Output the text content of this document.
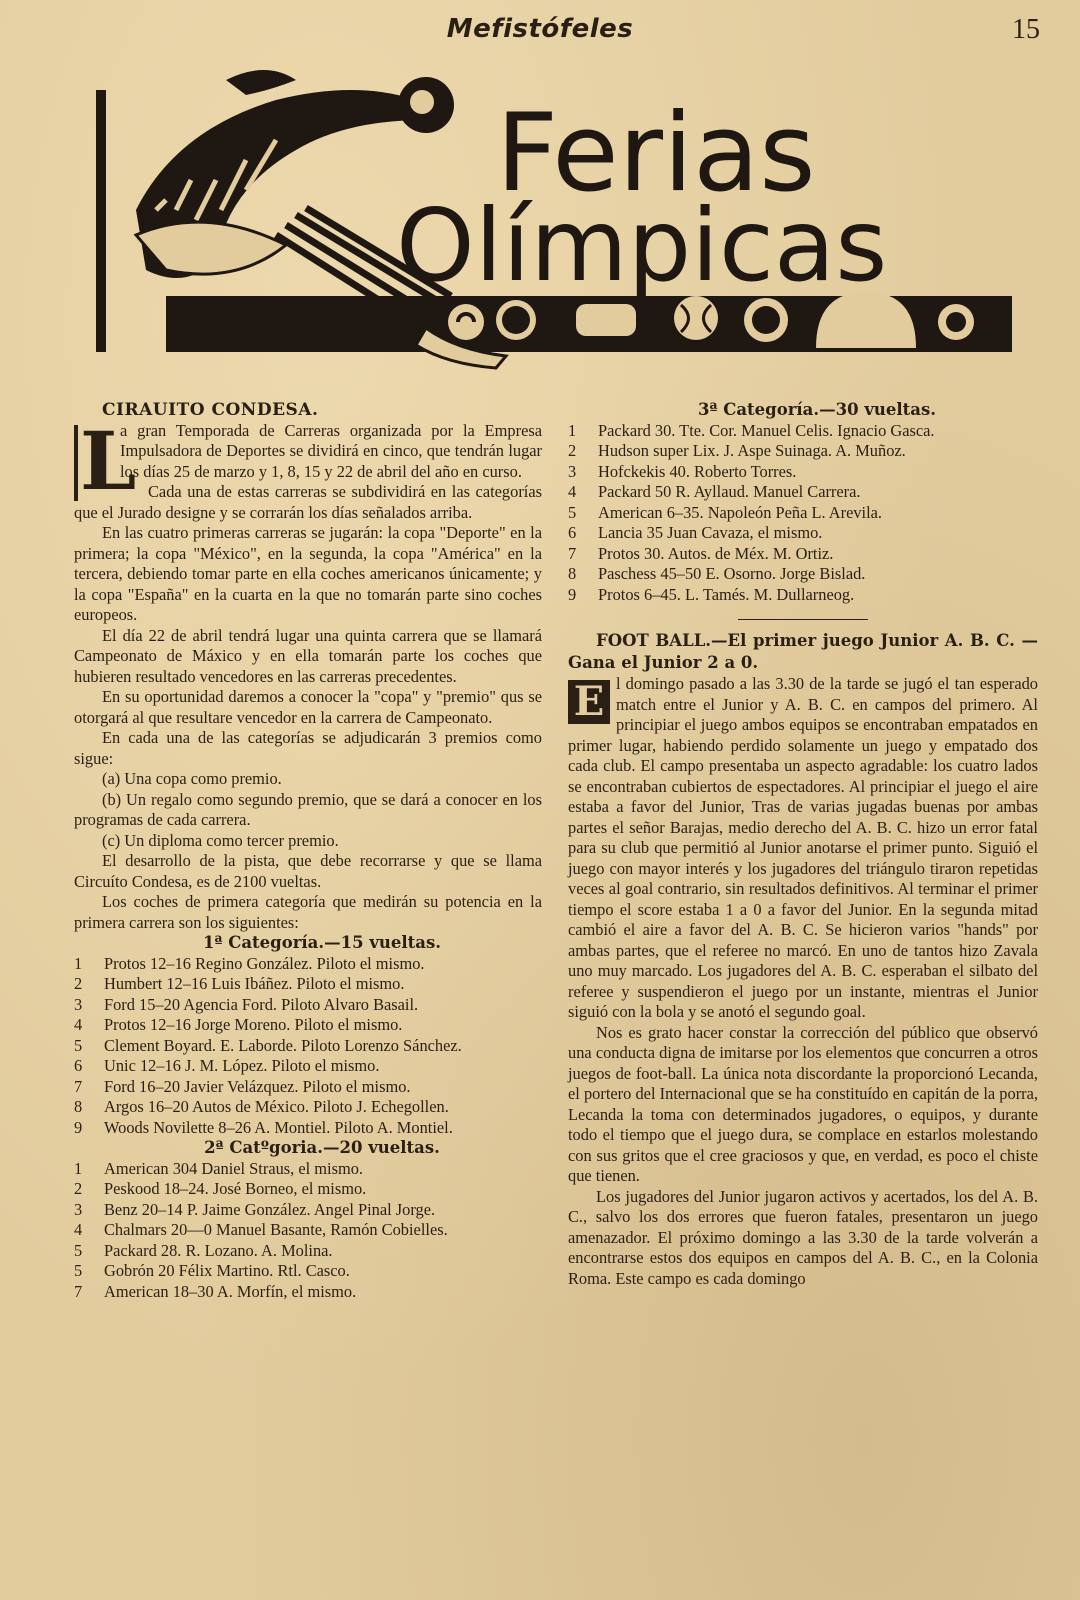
Mefistófeles	15
Ferias
Olímpicas

CIRAUITO CONDESA.

L
a gran Temporada de Carreras organizada por la Empresa Impulsadora de Deportes se dividirá en cinco, que tendrán lugar los días 25 de marzo y 1, 8, 15 y 22 de abril del año en curso.

Cada una de estas carreras se subdividirá en las categorías que el Jurado designe y se corrarán los días señalados arriba.

En las cuatro primeras carreras se jugarán: la copa "Deporte" en la primera; la copa "México", en la segunda, la copa "América" en la tercera, debiendo tomar parte en ella coches americanos únicamente; y la copa "España" en la cuarta en la que no tomarán parte sino coches europeos.

El día 22 de abril tendrá lugar una quinta carrera que se llamará Campeonato de Máxico y en ella tomarán parte los coches que hubieren resultado vencedores en las carreras precedentes.

En su oportunidad daremos a conocer la "copa" y "premio" qus se otorgará al que resultare vencedor en la carrera de Campeonato.

En cada una de las categorías se adjudicarán 3 premios como sigue:

(a) Una copa como premio.

(b) Un regalo como segundo premio, que se dará a conocer en los programas de cada carrera.

(c) Un diploma como tercer premio.

El desarrollo de la pista, que debe recorrarse y que se llama Circuíto Condesa, es de 2100 vueltas.

Los coches de primera categoría que medirán su potencia en la primera carrera son los siguientes:

1ª Categoría.—15 vueltas.

1 Protos 12–16 Regino González. Piloto el mismo.
2 Humbert 12–16 Luis Ibáñez. Piloto el mismo.
3 Ford 15–20 Agencia Ford. Piloto Alvaro Basail.
4 Protos 12–16 Jorge Moreno. Piloto el mismo.
5 Clement Boyard. E. Laborde. Piloto Lorenzo Sánchez.
6 Unic 12–16 J. M. López. Piloto el mismo.
7 Ford 16–20 Javier Velázquez. Piloto el mismo.
8 Argos 16–20 Autos de México. Piloto J. Echegollen.
9 Woods Novilette 8–26 A. Montiel. Piloto A. Montiel.

2ª Catºgoria.—20 vueltas.

1 American 304 Daniel Straus, el mismo.
2 Peskood 18–24. José Borneo, el mismo.
3 Benz 20–14 P. Jaime González. Angel Pinal Jorge.
4 Chalmars 20—0 Manuel Basante, Ramón Cobielles.
5 Packard 28. R. Lozano. A. Molina.
5 Gobrón 20 Félix Martino. Rtl. Casco.
7 American 18–30 A. Morfín, el mismo.

3ª Categoría.—30 vueltas.

1 Packard 30. Tte. Cor. Manuel Celis. Ignacio Gasca.
2 Hudson super Lix. J. Aspe Suinaga. A. Muñoz.
3 Hofckekis 40. Roberto Torres.
4 Packard 50 R. Ayllaud. Manuel Carrera.
5 American 6–35. Napoleón Peña L. Arevila.
6 Lancia 35 Juan Cavaza, el mismo.
7 Protos 30. Autos. de Méx. M. Ortiz.
8 Paschess 45–50 E. Osorno. Jorge Bislad.
9 Protos 6–45. L. Tamés. M. Dullarneog.

FOOT BALL.—El primer juego Junior A. B. C. —Gana el Junior 2 a 0.

E l domingo pasado a las 3.30 de la tarde se jugó el tan esperado match entre el Junior y A. B. C. en campos del primero. Al principiar el juego ambos equipos se encontraban empatados en primer lugar, habiendo perdido solamente un juego y empatado dos cada club. El campo presentaba un aspecto agradable: los cuatro lados se encontraban cubiertos de espectadores. Al principiar el juego el aire estaba a favor del Junior, Tras de varias jugadas buenas por ambas partes el señor Barajas, medio derecho del A. B. C. hizo un error fatal para su club que permitió al Junior anotarse el primer punto. Siguió el juego con mayor interés y los jugadores del triángulo tiraron repetidas veces al goal contrario, sin resultados definitivos. Al terminar el primer tiempo el score estaba 1 a 0 a favor del Junior. En la segunda mitad cambió el aire a favor del A. B. C. Se hicieron varios "hands" por ambas partes, que el referee no marcó. En uno de tantos hizo Zavala uno muy marcado. Los jugadores del A. B. C. esperaban el silbato del referee y suspendieron el juego por un instante, mientras el Junior siguió con la bola y se anotó el segundo goal.

Nos es grato hacer constar la corrección del público que observó una conducta digna de imitarse por los elementos que concurren a otros juegos de foot-ball. La única nota discordante la proporcionó Lecanda, el portero del Internacional que se ha constituído en capitán de la porra, Lecanda la toma con determinados jugadores, o equipos, y durante todo el tiempo que el juego dura, se complace en estarlos molestando con sus gritos que el cree graciosos y que, en verdad, es poco el chiste que tienen.

Los jugadores del Junior jugaron activos y acertados, los del A. B. C., salvo los dos errores que fueron fatales, presentaron un juego amenazador. El próximo domingo a las 3.30 de la tarde volverán a encontrarse estos dos equipos en campos del A. B. C., en la Colonia Roma. Este campo es cada domingo
